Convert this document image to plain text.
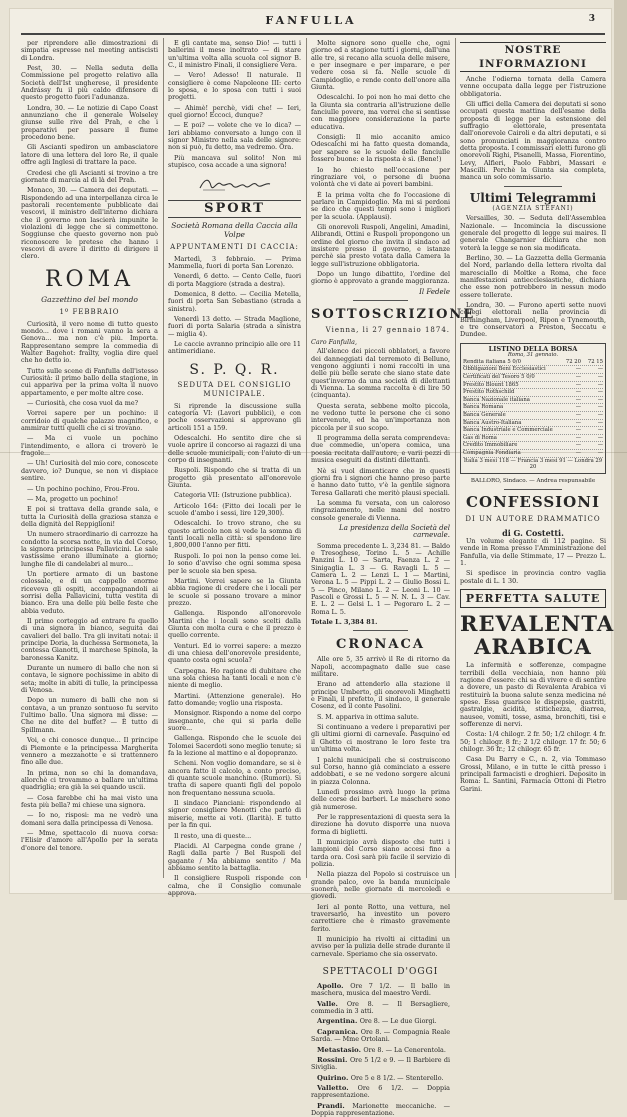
FANFULLA	3

per riprendere alle dimostrazioni di simpatia espresse nel meeting antiscisti di Londra.

Pest, 30. — Nella seduta della Commissione pel progetto relativo alla Società dell'Ist ungherese, il presidente Andrássy fu il più caldo difensore di questo progetto fuori l'adunanza.

Londra, 30. — Le notizie di Capo Coast annunziano che il generale Wolseley giunse sulle rive del Prah, e che i preparativi per passare il fiume procedono bene.

Gli Ascianti spediron un ambasciatore latore di una lettera del loro Re, il quale offre agli Inglesi di trattare la pace.

Credesi che gli Ascianti si trovino a tre giornate di marcia al di là del Prah.

Monaco, 30. — Camera dei deputati. — Rispondendo ad una interpellanza circa le pastorali recentemente pubblicate dai vescovi, il ministro dell'interno dichiara che il governo non lascierà impunite le violazioni di legge che si commettono. Soggiunse che questo governo non può riconoscere le pretese che hanno i vescovi di avere il diritto di dirigere il clero.

ROMA
Gazzettino del bel mondo
1º FEBBRAIO

Curiosità, il vero nome di tutto questo mondo... dove i romani vanno la sera a Genova... ma non c'è più. Importa. Rappresentano sempre la commedia di Walter Bagehot: frailty, voglia dire quel che ho detto io.

Tutto sulle scene di Fanfulla dell'istesso Curiosità: il primo ballo della stagione, in cui appariva per la prima volta il nuovo appartamento, e per molte altre cose.

— Curiosità, che cosa vuol da me?

Vorrei sapere per un pochino: il corridoio di qualche palazzo magnifico, e ammirar tutti quelli che ci si trovano.

— Ma ci vuole un pochino l'intendimento, e allora ci troverò le fragole...

— Uh! Curiosità del mio core, conoscete davvero, io? Dunque, se non vi dispiace sentire.

— Un pochino pochino, Frou-Frou.

— Ma, progetto un pochino!

E poi si trattava della grande sala, e tutta la Curiosità della graziosa stanza e della dignità del Reppiglioni!

Un numero straordinario di carrozze ha condotto la scorsa notte, in via del Corso, la signora principessa Pallavicini. Le sale vastissime erano illuminate a giorno; lunghe file di candelabri al muro...

Un portiere armato di un bastone colossale, e di un cappello enorme riceveva gli ospiti, accompagnandoli ai sorrisi della Pallavicini, tutta vestita di bianco. Era una delle più belle feste che abbia veduto.

Il primo corteggio ad entrare fu quello di una signora in bianco, seguita dai cavalieri del ballo. Tra gli invitati notai: il principe Doria, la duchessa Sermoneta, la contessa Gianotti, il marchese Spinola, la baronessa Kanitz.

Durante un numero di ballo che non si contava, le signore pochissime in abito di seta; molte in abiti di tulle, la principessa di Venosa.

Dopo un numero di balli che non si contava, a un pranzo sontuoso fu servito l'ultimo ballo. Una signora mi disse: — Che ne dite del buffet? — È tutto di Spillmann.

Voi, e chi conosce dunque... Il principe di Piemonte e la principessa Margherita vennero a mezzanotte e si trattennero fino alle due.

In prima, non so chi la domandava, allorchè ci trovammo a ballare un'ultima quadriglia; era già la sei quando uscii.

— Cosa farebbe chi ha mai visto una festa più bella? mi chiese una signora.

— Io no, risposi: ma ne vedrò una domani sera dalla principessa di Venosa.

— Mme, spettacolo di nuova corsa: l'Elisir d'amore all'Apollo per la serata d'onore del tenore.

E gli cantate ma, senso Dio! — tutti i ballerini il mese inoltrato — di stare un'ultima volta alla scuola col signor B. C., il ministro Finali, il consigliere Vera.

— Vero! Adesso! Il naturale. Il consigliere è come Napoleone III: certo lo sposa, e lo sposa con tutti i suoi progetti.

— Ahimè! perchè, vidi che! — Ieri, quel giorno! Eccoci, dunque?

— E poi? — volete che ve lo dica? — Ieri abbiamo conversato a lungo con il signor Ministro nella sala delle signore: non si può, fu detto, ma vedremo. Ora.

Più mancava sul solito! Non mi stupisco, cosa accade a una signora!

SPORT
Società Romana della Caccia alla Volpe
APPUNTAMENTI DI CACCIA:

Martedì, 3 febbraio. — Prima Mammella, fuori di porta San Lorenzo.

Venerdì, 6 detto. — Cento Celle, fuori di porta Maggiore (strada a destra).

Domenica, 8 detto. — Cecilia Metella, fuori di porta San Sebastiano (strada a sinistra).

Venerdì 13 detto. — Strada Maglione, fuori di porta Salaria (strada a sinistra — miglia 4).

Le caccie avranno principio alle ore 11 antimeridiane.

S. P. Q. R.
SEDUTA DEL CONSIGLIO MUNICIPALE.

Si riprende la discussione sulla categoria VI: (Lavori pubblici), e con poche osservazioni si approvano gli articoli 151 a 159.

Odescalchi. Ho sentito dire che si vuole aprire il concorso ai ragazzi di una delle scuole municipali, con l'aiuto di un corpo di insegnanti.

Ruspoli. Rispondo che si tratta di un progetto già presentato all'onorevole Giunta.

Categoria VII: (Istruzione pubblica).

Articolo 164: (Fitto dei locali per le scuole d'ambo i sessi, lire 129,300).

Odescalchi. Io trovo strano, che su questo articolo non si vede la somma di tanti locali nella città: si spendono lire 1,800,000 l'anno per fitti.

Ruspoli. Io poi non la penso come lei. Io sono d'avviso che ogni somma spesa per le scuole sia ben spesa.

Martini. Vorrei sapere se la Giunta abbia ragione di credere che i locali per le scuole si possano trovare a minor prezzo.

Gallenga. Rispondo all'onorevole Martini che i locali sono scelti dalla Giunta con molta cura e che il prezzo è quello corrente.

Venturi. Ed io vorrei sapere: a mezzo di una chiesa dell'onorevole presidente, quanto costa ogni scuola?

Carpegna. Ho ragione di dubitare che una sola chiesa ha tanti locali e non c'è niente di meglio.

Martini. (Attenzione generale). Ho fatto domande; voglio una risposta.

Monsignor. Rispondo a nome del corpo insegnante, che qui si parla delle suore...

Gallenga. Rispondo che le scuole dei Tolomei Sacerdoti sono meglio tenute; si fa la lezione al mattino e al dopopranzo.

Scheni. Non voglio domandare, se si è ancora fatto il calcolo, a conto preciso, di quante scuole manchino. (Rumori). Si tratta di sapere quanti figli del popolo non frequentano nessuna scuola.

Il sindaco Pianciani: rispondendo al signor consigliere Menotti che parlò di miserie, mette ai voti. (Ilarità). E tutto per la fin qui.

Il resto, una di queste...

Placidi. Al Carpegna conde grane / Ragli dalla parte / Bel Ruspoli del gagante / Ma abbiamo sentito / Ma abbiamo sentito la battaglia.

Il consigliere Ruspoli risponde con calma, che il Consiglio comunale approva.

Molte signore sono quelle che, ogni giorno ed a stagione tutti i giorni, dall'una alle tre, si recano alla scuola delle misere, e per insegnare e per imparare, e per vedere cosa si fa. Nelle scuole di Campidoglio, e rende conto dell'onore alla Giunta.

Odescalchi. Io poi non ho mai detto che la Giunta sia contraria all'istruzione delle fanciulle povere, ma vorrei che si sentisse con maggiore considerazione la parte educativa.

Consigli: Il mio accanito amico Odescalchi mi ha fatto questa domanda, per sapere se le scuole delle fanciulle fossero buone: e la risposta è sì. (Bene!)

Io ho chiesto nell'occasione per ringraziare voi, o persone di buona volontà che vi date ai poveri bambini.

È la prima volta che fo l'occasione di parlare in Campidoglio. Ma mi si perdoni se dico che questi tempi sono i migliori per la scuola. (Applausi).

Gli onorevoli Ruspoli, Angelini, Amadini, Alibrandi, Ottini e Ruspoli propongono un ordine del giorno che invita il sindaco ad insistere presso il governo, e istanze perchè sia presto votata dalla Camera la legge sull'istruzione obbligatoria.

Dopo un lungo dibattito, l'ordine del giorno è approvato a grande maggioranza.

Il Fedele
SOTTOSCRIZIONE
Vienna, li 27 gennaio 1874.

Caro Fanfulla,

All'elenco dei piccoli obblatori, a favore dei danneggiati dal terremoto di Belluno, vengono aggiunti i nomi raccolti in una delle più belle serate che siano state date quest'inverno da una società di dilettanti di Vienna. La somma raccolta è di lire 50 (cinquanta).

Questa serata, sebbene molto piccola, ne vedono tutte le persone che ci sono intervenute, ed ha un'importanza non piccola per il suo scopo.

Il programma della serata comprendeva: due commedie, un'opera comica, una poesia recitata dall'autore, e varii pezzi di musica eseguiti da distinti dilettanti.

Nè si vuol dimenticare che in questi giorni fra i signori che hanno preso parte e hanno dato tutto, v'è la gentile signora Teresa Gallarati che meritò plausi speciali.

La somma fu versata, con un caloroso ringraziamento, nelle mani del nostro console generale di Vienna.

La presidenza della Società del carnevale.

Somma precedente L. 3,234 81. — Baldo e Tresoghese, Torino L. 5 — Achille Panzini L. 10 — Sarta, Faenza L. 2 — Sinigaglia L. 3 — G. Ravagli L. 5 — Camera L. 2 — Lenzi L. 1 — Martini, Verona L. 5 — Pippi L. 2 — Giulio Bossi L. 5 — Pinco, Milano L. 2 — Leoni L. 10 — Pascoli e Grossi L. 5 — N. N. L. 3 — Cav. E. L. 2 — Gelsi L. 1 — Pegoraro L. 2 — Roma L. 5.

Totale L. 3,384 81.

CRONACA

Alle ore 5, 35 arrivò il Re di ritorno da Napoli, accompagnato dalle sue case militare.

Erano ad attenderlo alla stazione il principe Umberto, gli onorevoli Minghetti e Finali, il prefetto, il sindaco, il generale Cosenz, ed il conte Pasolini.

S. M. appariva in ottima salute.

Si continuano a vedere i preparativi per gli ultimi giorni di carnevale. Pasquino ed il Ghetto ci mostrano le loro feste tra un'ultima volta.

I palchi municipali che si costruiscono sul Corso, hanno già cominciato a essere addobbati, e se ne vedono sorgere alcuni in piazza Colonna.

Lunedì prossimo avrà luogo la prima delle corse dei barberi. Le maschere sono già numerose.

Per le rappresentazioni di questa sera la direzione ha dovuto disporre una nuova forma di biglietti.

Il municipio avrà disposto che tutti i lampioni del Corso siano accesi fino a tarda ora. Così sarà più facile il servizio di polizia.

Nella piazza del Popolo si costruisce un grande palco, ove la banda municipale suonerà, nelle giornate di mercoledì e giovedì.

Ieri al ponte Rotto, una vettura, nel traversarlo, ha investito un povero carrettiere che è rimasto gravemente ferito.

Il municipio ha rivolti ai cittadini un avviso per la pulizia delle strade durante il carnevale. Speriamo che sia osservato.

SPETTACOLI D'OGGI

Apollo. Ore 7 1/2. — Il ballo in maschera, musica del maestro Verdi.

Valle. Ore 8. — Il Bersagliere, commedia in 3 atti.

Argentina. Ore 8. — Le due Giorgi.

Capranica. Ore 8. — Compagnia Reale Sarda. — Mme Ortolani.

Metastasio. Ore 8. — La Cenerentola.

Rossini. Ore 5 1/2 e 9. — Il Barbiere di Siviglia.

Quirino. Ore 5 e 8 1/2. — Stenterello.

Valletto. Ore 6 1/2. — Doppia rappresentazione.

Prandi. Marionette meccaniche. — Doppia rappresentazione.

NOSTRE INFORMAZIONI

Anche l'odierna tornata della Camera venne occupata dalla legge per l'istruzione obbligatoria.

Gli uffici della Camera dei deputati si sono occupati questa mattina dell'esame della proposta di legge per la estensione del suffragio elettorale, presentata dall'onorevole Cairoli e da altri deputati, e si sono pronunciati in maggioranza contro detta proposta. I commissari eletti furono gli onorevoli Righi, Pisanelli, Massa, Fiorentino, Levy, Alfieri, Paolo Fabbri, Massari e Mascilli. Perchè la Giunta sia completa, manca un solo commissario.

Ultimi Telegrammi
(AGENZIA STEFANI)

Versailles, 30. — Seduta dell'Assemblea Nazionale. — Incomincia la discussione generale del progetto di legge sui maires. Il generale Changarnier dichiara che non voterà la legge se non sia modificata.

Berlino, 30. — La Gazzetta della Germania del Nord, parlando della lettera rivolta dal maresciallo di Moltke a Roma, che fece manifestazioni antiecclesiastiche, dichiara che esse non potrebbero in nessun modo essere tollerate.

Londra, 30. — Furono aperti sette nuovi collegi elettorali nella provincia di Birmingham, Liverpool, Ripon e Tynemouth, e tre conservatori a Preston, Seccatu e Dundee.

LISTINO DELLA BORSA
Roma, 31 gennaio.
Rendita italiana 5 0/0	72 20	72 15
Obbligazioni Beni Ecclesiastici	—	—
Certificati del Tesoro 5 0/0	—	—
Prestito Blount 1865	—	—
Prestito Rothschild	—	—
Banca Nazionale italiana	—	—
Banca Romana	—	—
Banca Generale	—	—
Banca Austro-Italiana	—	—
Banca Industriale e Commerciale	—	—
Gas di Roma	—	—
Credito Immobiliare	—	—
Compagnia Fondiaria	—	—
Italia 3 mesi 118 — Francia 3 mesi 91 — Londra 29 20
BALLORO, Sindaco. — Andrea respunsabile
CONFESSIONI
DI UN AUTORE DRAMMATICO
di G. Costetti.

Un volume elegante di 112 pagine. Si vende in Roma presso l'Amministrazione del Fanfulla, via delle Stimmate, 17 — Prezzo L. 1.

Si spedisce in provincia contro vaglia postale di L. 1 30.

PERFETTA SALUTE
REVALENTA ARABICA

La infermità e sofferenze, compagne terribili della vecchiaia, non hanno più ragione d'essere: chi sa di vivere e di sentire a dovere, un pasto di Revalenta Arabica vi restituirà la buona salute senza medicina né spese. Essa guarisce le dispepsie, gastriti, gastralgie, acidità, stitichezza, diarrea, nausee, vomiti, tosse, asma, bronchiti, tisi e sofferenze di nervi.

Costa: 1/4 chilogr. 2 fr. 50; 1/2 chilogr. 4 fr. 50; 1 chilogr. 8 fr.; 2 1/2 chilogr. 17 fr. 50; 6 chilogr. 36 fr.; 12 chilogr. 65 fr.

Casa Du Barry e C., n. 2, via Tommaso Grossi, Milano, e in tutte le città presso i principali farmacisti e droghieri. Deposito in Roma: L. Santini, Farmacia Ottoni di Pietro Garini.
